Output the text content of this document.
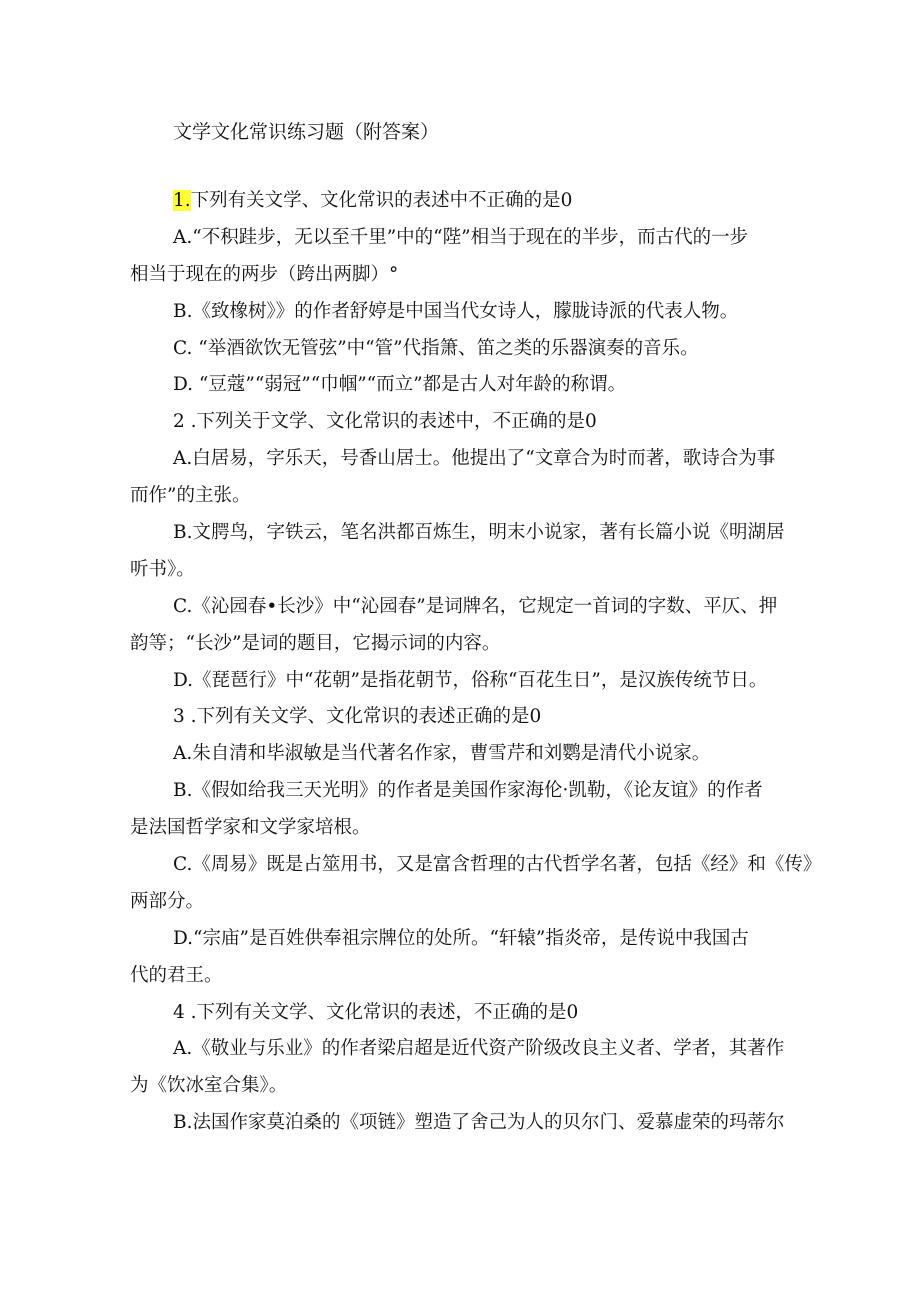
文学文化常识练习题（附答案）
1.下列有关文学、文化常识的表述中不正确的是0
A.“不积跬步，无以至千里”中的“陛”相当于现在的半步，而古代的一步
相当于现在的两步（跨出两脚）°
B.《致橡树》》的作者舒婷是中国当代女诗人，朦胧诗派的代表人物。
C. “举酒欲饮无管弦”中“管”代指箫、笛之类的乐器演奏的音乐。
D. “豆蔻”“弱冠”“巾帼”“而立”都是古人对年龄的称谓。
2 .下列关于文学、文化常识的表述中，不正确的是0
A.白居易，字乐天，号香山居士。他提出了“文章合为时而著，歌诗合为事
而作”的主张。
B.文腭鸟，字铁云，笔名洪都百炼生，明末小说家，著有长篇小说《明湖居
听书》。
C.《沁园春•长沙》中“沁园春”是词牌名，它规定一首词的字数、平仄、押
韵等；“长沙”是词的题目，它揭示词的内容。
D.《琵琶行》中“花朝”是指花朝节，俗称“百花生日”，是汉族传统节日。
3 .下列有关文学、文化常识的表述正确的是0
A.朱自清和毕淑敏是当代著名作家，曹雪芹和刘鹦是清代小说家。
B.《假如给我三天光明》的作者是美国作家海伦·凯勒，《论友谊》的作者
是法国哲学家和文学家培根。
C.《周易》既是占筮用书，又是富含哲理的古代哲学名著，包括《经》和《传》
两部分。
D.“宗庙”是百姓供奉祖宗牌位的处所。“轩辕”指炎帝，是传说中我国古
代的君王。
4 .下列有关文学、文化常识的表述，不正确的是0
A.《敬业与乐业》的作者梁启超是近代资产阶级改良主义者、学者，其著作
为《饮冰室合集》。
B.法国作家莫泊桑的《项链》塑造了舍己为人的贝尔门、爱慕虚荣的玛蒂尔
